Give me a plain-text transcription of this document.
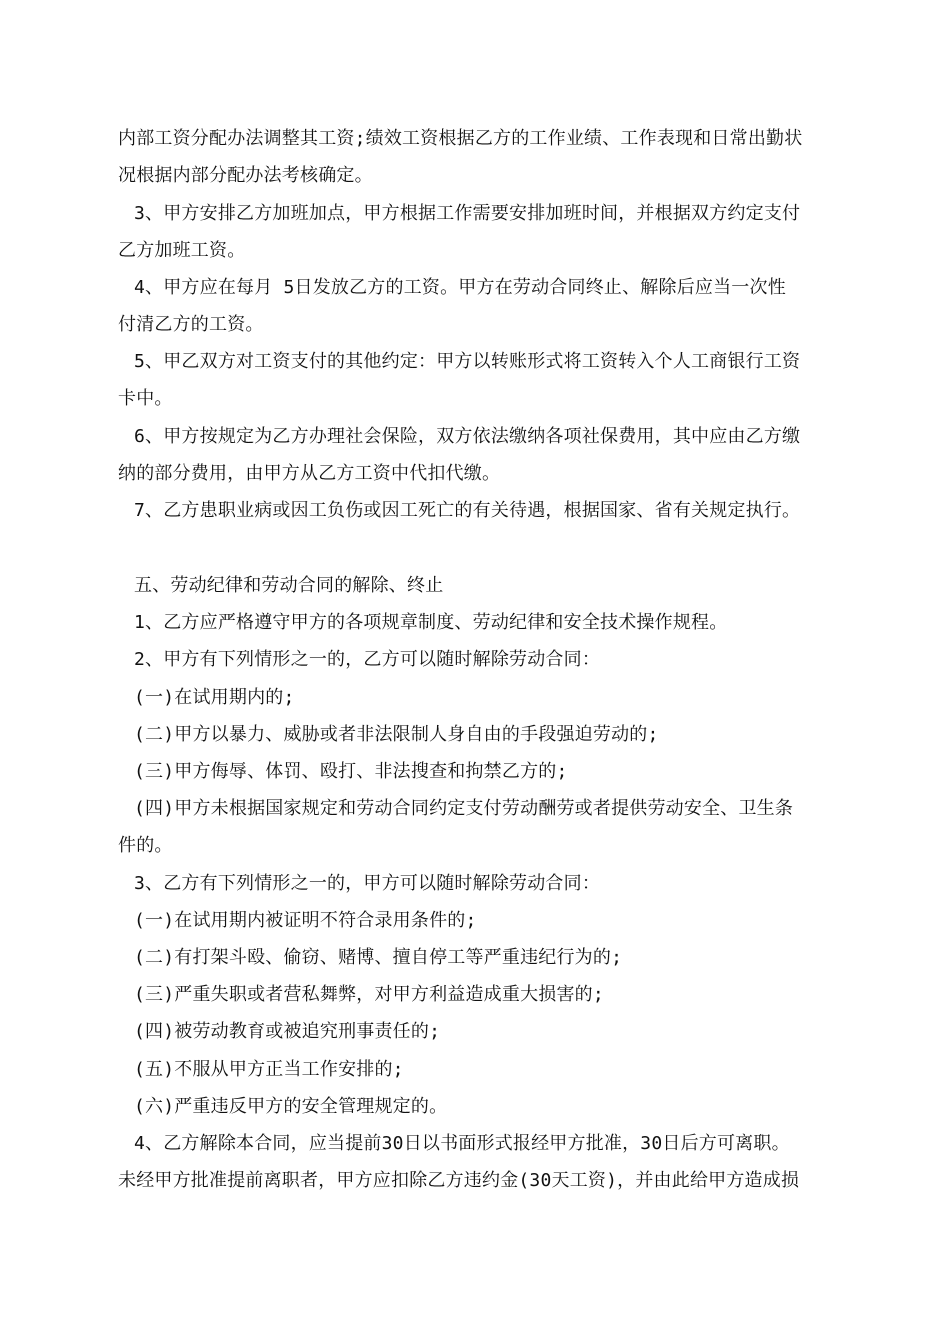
内部工资分配办法调整其工资;绩效工资根据乙方的工作业绩、工作表现和日常出勤状
况根据内部分配办法考核确定。
3、甲方安排乙方加班加点，甲方根据工作需要安排加班时间，并根据双方约定支付
乙方加班工资。
4、甲方应在每月 5日发放乙方的工资。甲方在劳动合同终止、解除后应当一次性
付清乙方的工资。
5、甲乙双方对工资支付的其他约定：甲方以转账形式将工资转入个人工商银行工资
卡中。
6、甲方按规定为乙方办理社会保险，双方依法缴纳各项社保费用，其中应由乙方缴
纳的部分费用，由甲方从乙方工资中代扣代缴。
7、乙方患职业病或因工负伤或因工死亡的有关待遇，根据国家、省有关规定执行。
五、劳动纪律和劳动合同的解除、终止
1、乙方应严格遵守甲方的各项规章制度、劳动纪律和安全技术操作规程。
2、甲方有下列情形之一的，乙方可以随时解除劳动合同：
(一)在试用期内的;
(二)甲方以暴力、威胁或者非法限制人身自由的手段强迫劳动的;
(三)甲方侮辱、体罚、殴打、非法搜查和拘禁乙方的;
(四)甲方未根据国家规定和劳动合同约定支付劳动酬劳或者提供劳动安全、卫生条
件的。
3、乙方有下列情形之一的，甲方可以随时解除劳动合同：
(一)在试用期内被证明不符合录用条件的;
(二)有打架斗殴、偷窃、赌博、擅自停工等严重违纪行为的;
(三)严重失职或者营私舞弊，对甲方利益造成重大损害的;
(四)被劳动教育或被追究刑事责任的;
(五)不服从甲方正当工作安排的;
(六)严重违反甲方的安全管理规定的。
4、乙方解除本合同，应当提前30日以书面形式报经甲方批准，30日后方可离职。
未经甲方批准提前离职者，甲方应扣除乙方违约金(30天工资)，并由此给甲方造成损
